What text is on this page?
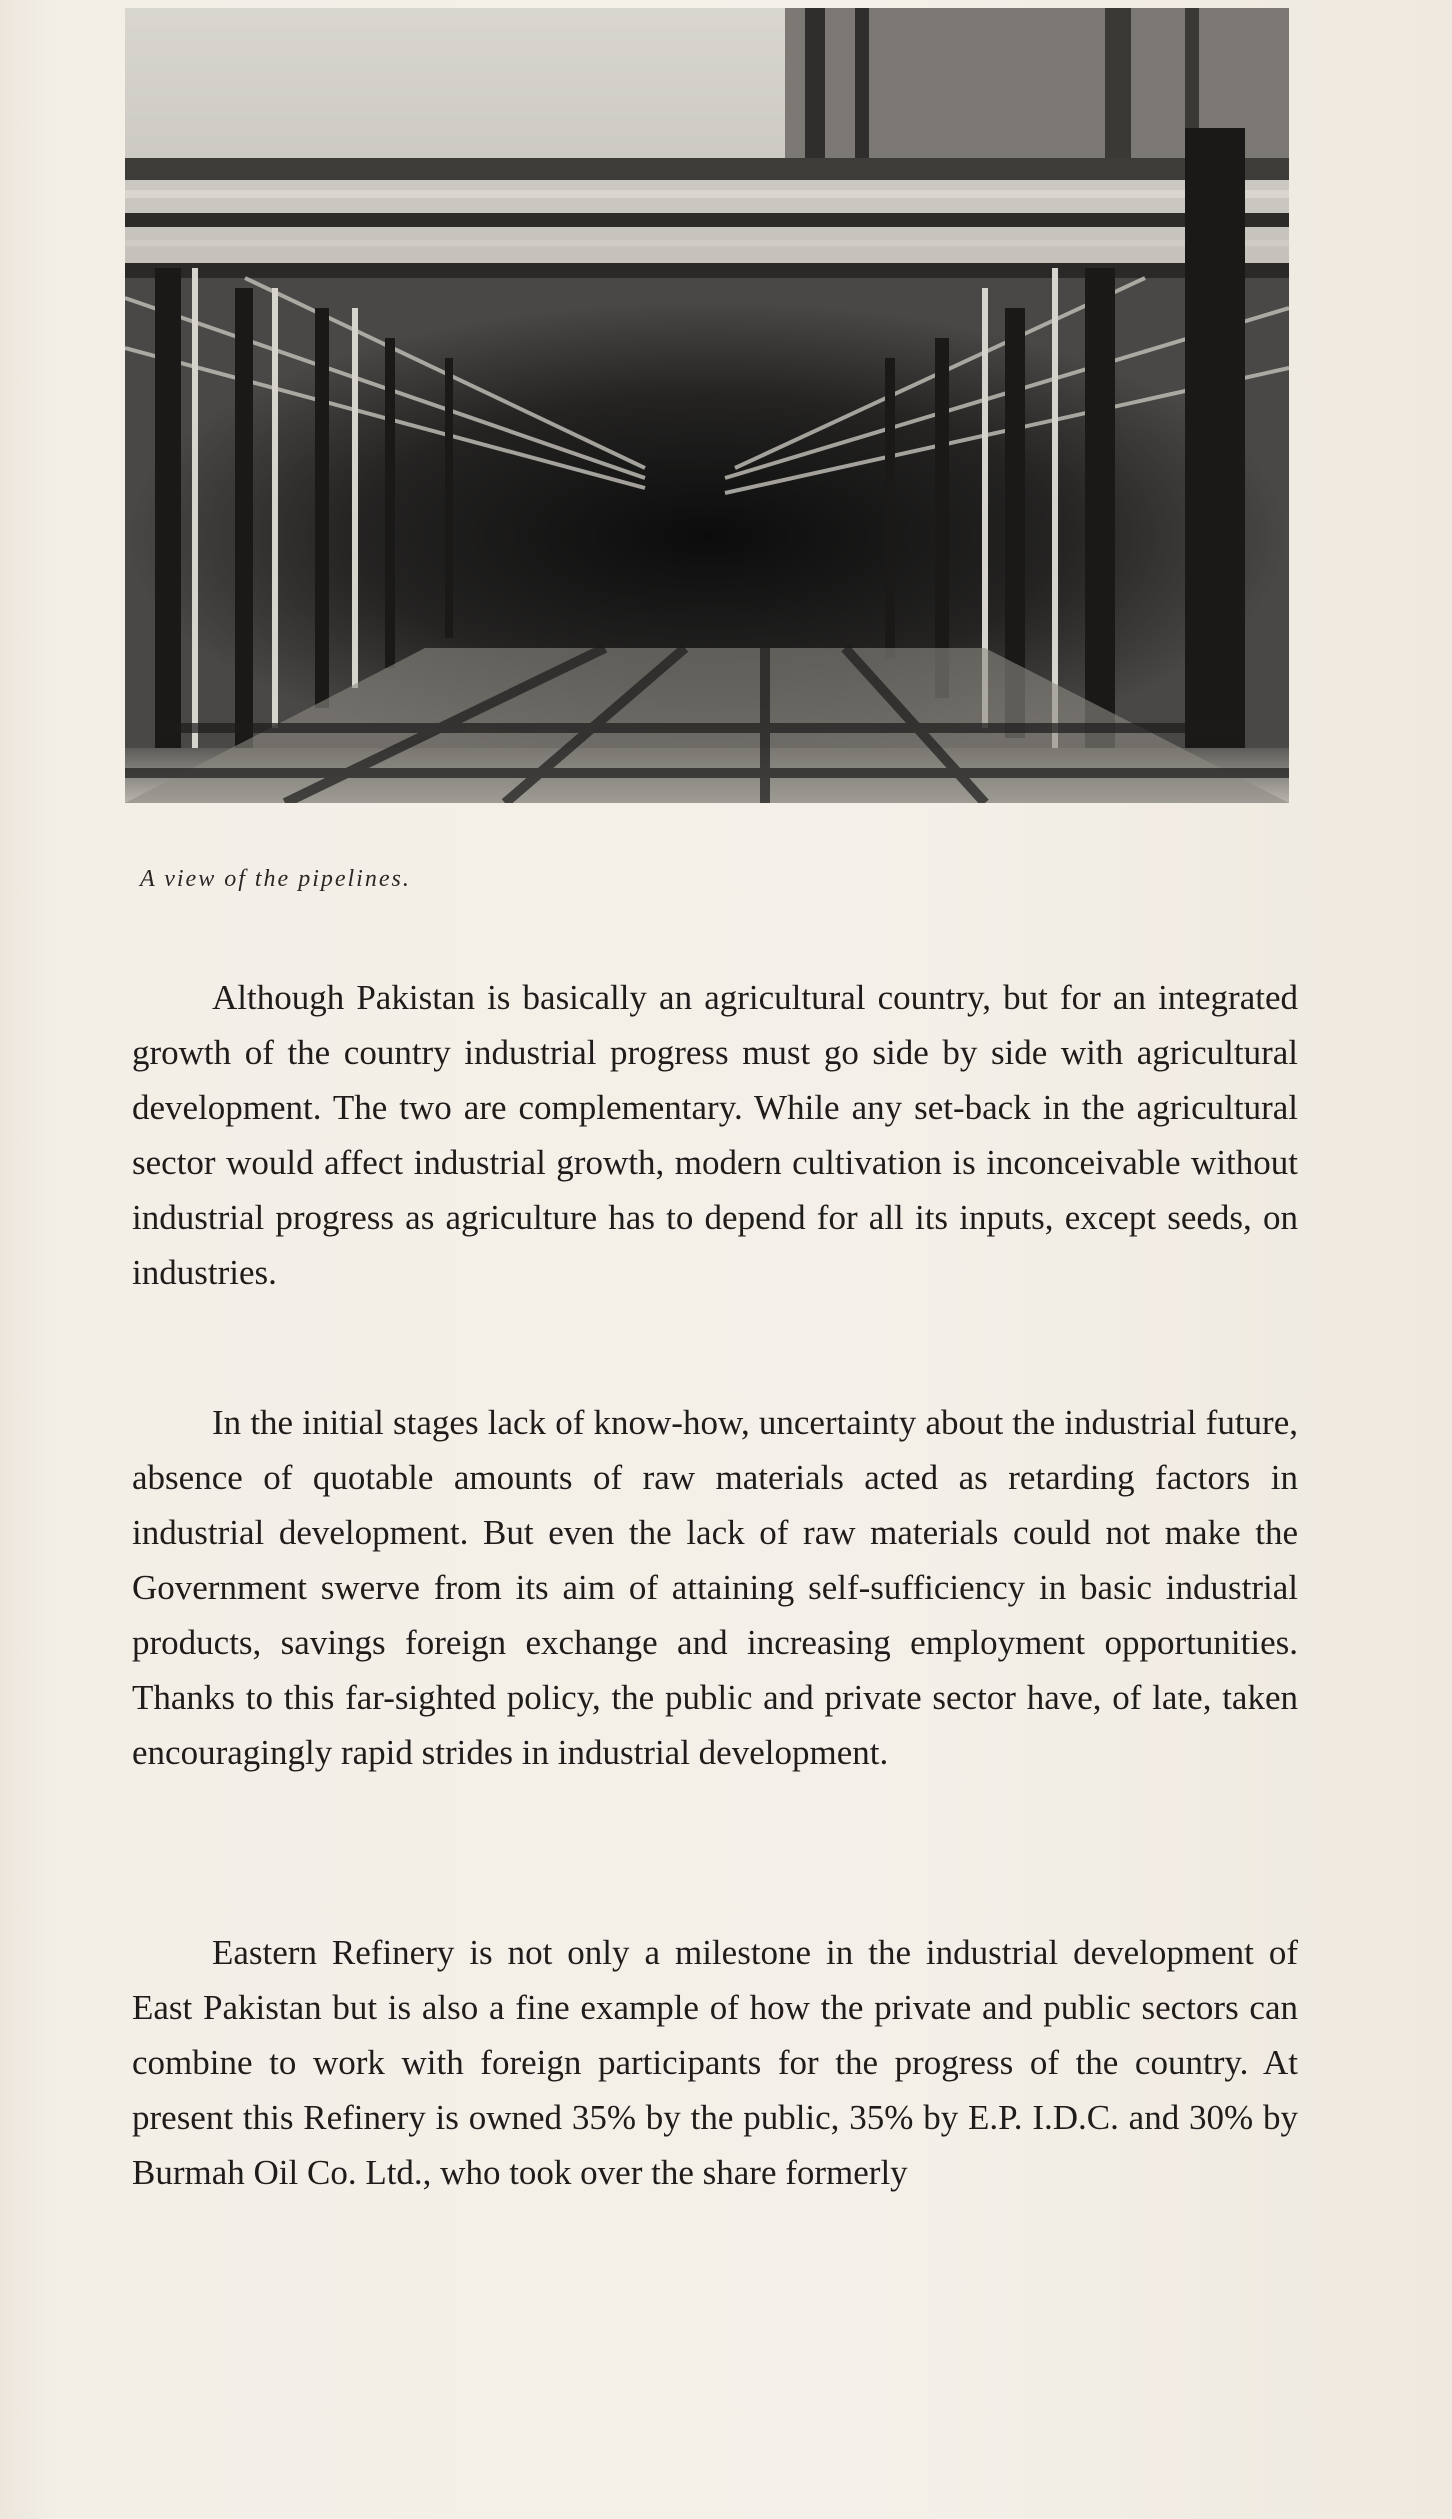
A view of the pipelines.

Although Pakistan is basically an agricultural country, but for an integrated growth of the country industrial progress must go side by side with agricultural development. The two are complementary. While any set-back in the agricultural sector would affect industrial growth, modern cultivation is inconceivable without industrial progress as agriculture has to depend for all its inputs, except seeds, on industries.

In the initial stages lack of know-how, uncertainty about the industrial future, absence of quotable amounts of raw materials acted as retarding factors in industrial development. But even the lack of raw materials could not make the Government swerve from its aim of attaining self-sufficiency in basic industrial products, savings foreign exchange and increasing employment opportunities. Thanks to this far-sighted policy, the public and private sector have, of late, taken encouragingly rapid strides in industrial development.

Eastern Refinery is not only a milestone in the industrial development of East Pakistan but is also a fine example of how the private and public sectors can combine to work with foreign participants for the progress of the country. At present this Refinery is owned 35% by the public, 35% by E.P. I.D.C. and 30% by Burmah Oil Co. Ltd., who took over the share formerly
